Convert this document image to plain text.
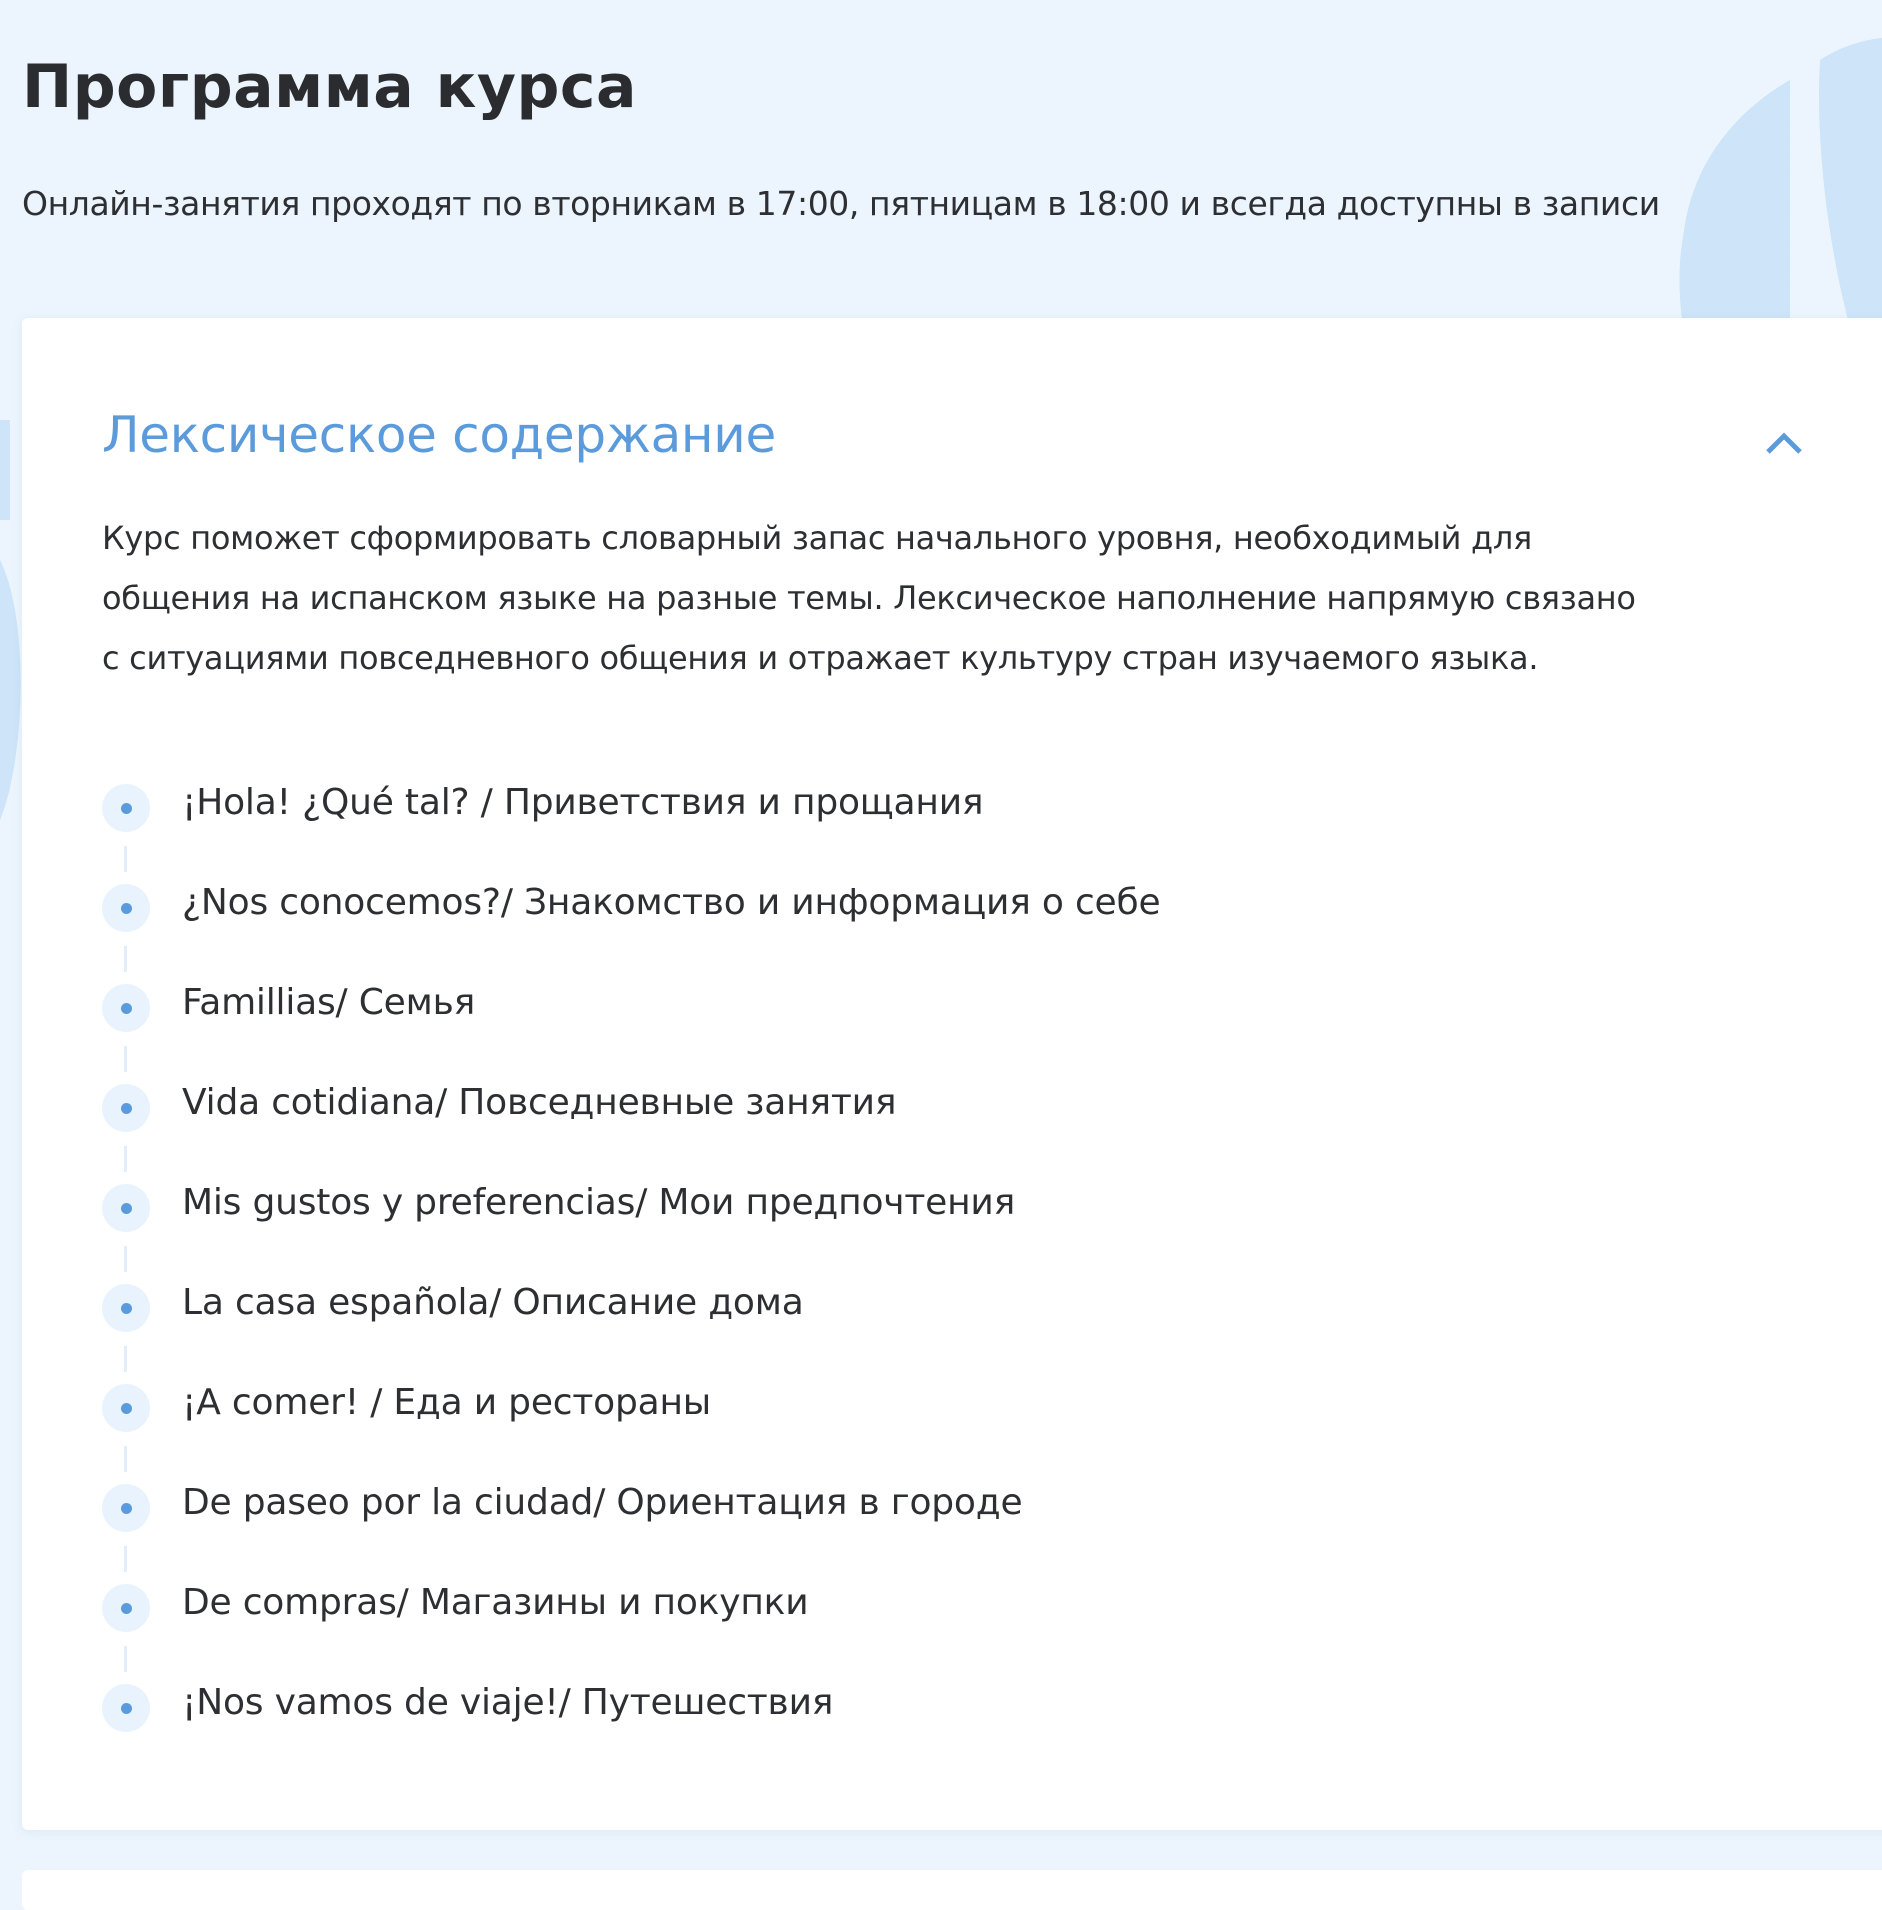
Программа курса
Онлайн-занятия проходят по вторникам в 17:00, пятницам в 18:00 и всегда доступны в записи
Лексическое содержание
Курс поможет сформировать словарный запас начального уровня, необходимый для общения на испанском языке на разные темы. Лексическое наполнение напрямую связано с ситуациями повседневного общения и отражает культуру стран изучаемого языка.
¡Hola! ¿Qué tal? / Приветствия и прощания
¿Nos conocemos?/ Знакомство и информация о себе
Famillias/ Семья
Vida cotidiana/ Повседневные занятия
Mis gustos y preferencias/ Мои предпочтения
La casa española/ Описание дома
¡A comer! / Еда и рестораны
De paseo por la ciudad/ Ориентация в городе
De compras/ Магазины и покупки
¡Nos vamos de viaje!/ Путешествия
